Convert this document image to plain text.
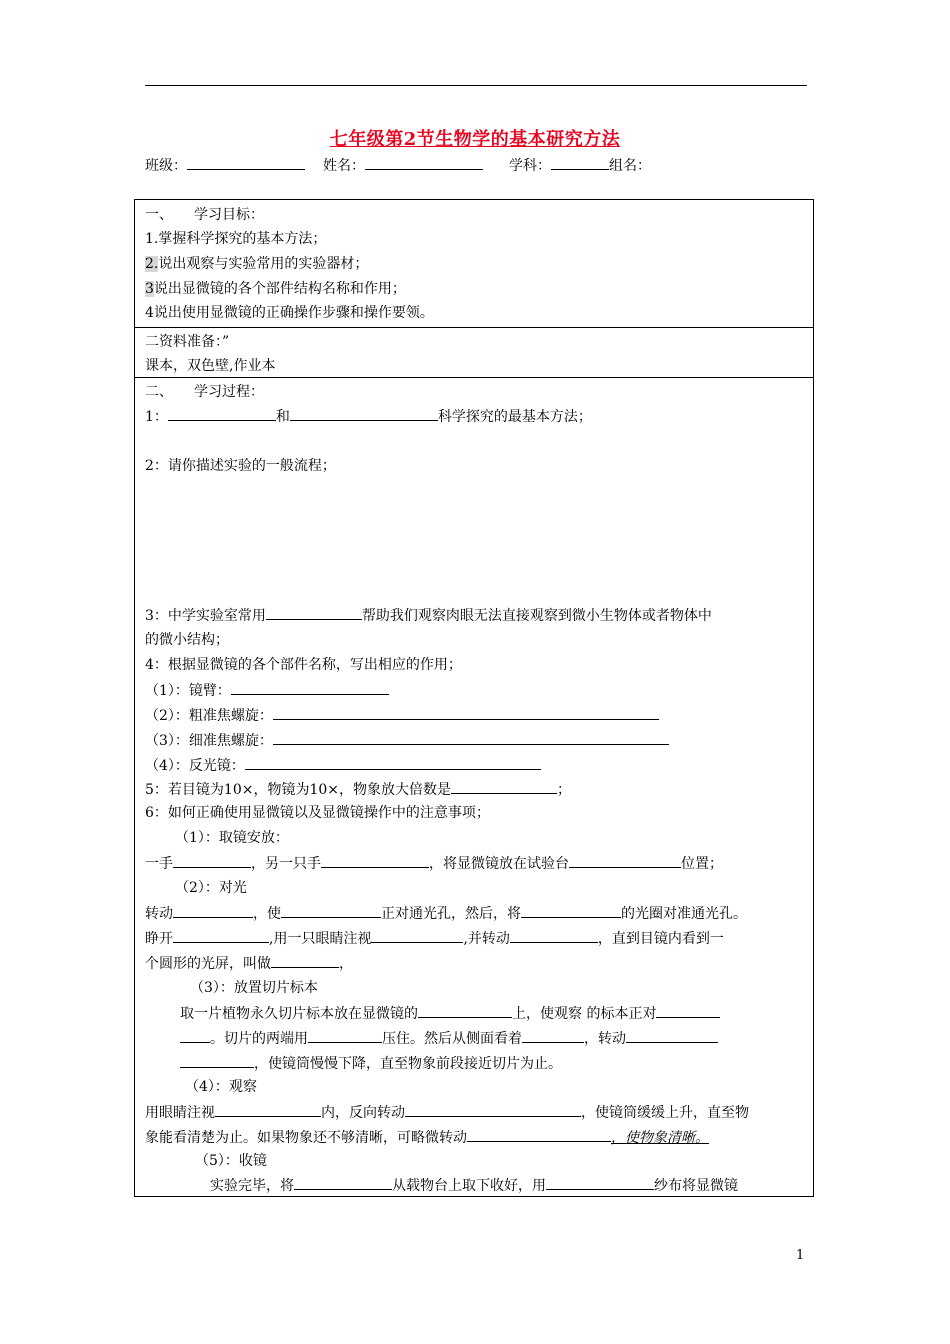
七年级第2节生物学的基本研究方法
班级：	姓名：	学科：	组名：
一、　　学习目标：
1.掌握科学探究的基本方法；
2.说出观察与实验常用的实验器材；
3说出显微镜的各个部件结构名称和作用；
4说出使用显微镜的正确操作步骤和操作要领。
二资料准备：”
课本，双色壁,作业本
二、　　学习过程：
1：	和	科学探究的最基本方法；
2：请你描述实验的一般流程；
3：中学实验室常用	帮助我们观察肉眼无法直接观察到微小生物体或者物体中
的微小结构；
4：根据显微镜的各个部件名称，写出相应的作用；
（1）：镜臂：
（2）：粗准焦螺旋：
（3）：细准焦螺旋：
（4）：反光镜：
5：若目镜为10×，物镜为10×，物象放大倍数是	；
6：如何正确使用显微镜以及显微镜操作中的注意事项；
（1）：取镜安放：
一手	，另一只手	，将显微镜放在试验台	位置；
（2）：对光
转动	，使	正对通光孔，然后，将	的光圈对准通光孔。
睁开	,用一只眼睛注视	,并转动	，直到目镜内看到一
个圆形的光屏，叫做	，
（3）：放置切片标本
取一片植物永久切片标本放在显微镜的	上，使观察 的标本正对
。切片的两端用	压住。然后从侧面看着	，转动
，使镜筒慢慢下降，直至物象前段接近切片为止。
（4）：观察
用眼睛注视	内，反向转动	，使镜筒缓缓上升，直至物
象能看清楚为止。如果物象还不够清晰，可略微转动	，使物象清晰。
（5）：收镜
实验完毕，将	从载物台上取下收好，用	纱布将显微镜
1
